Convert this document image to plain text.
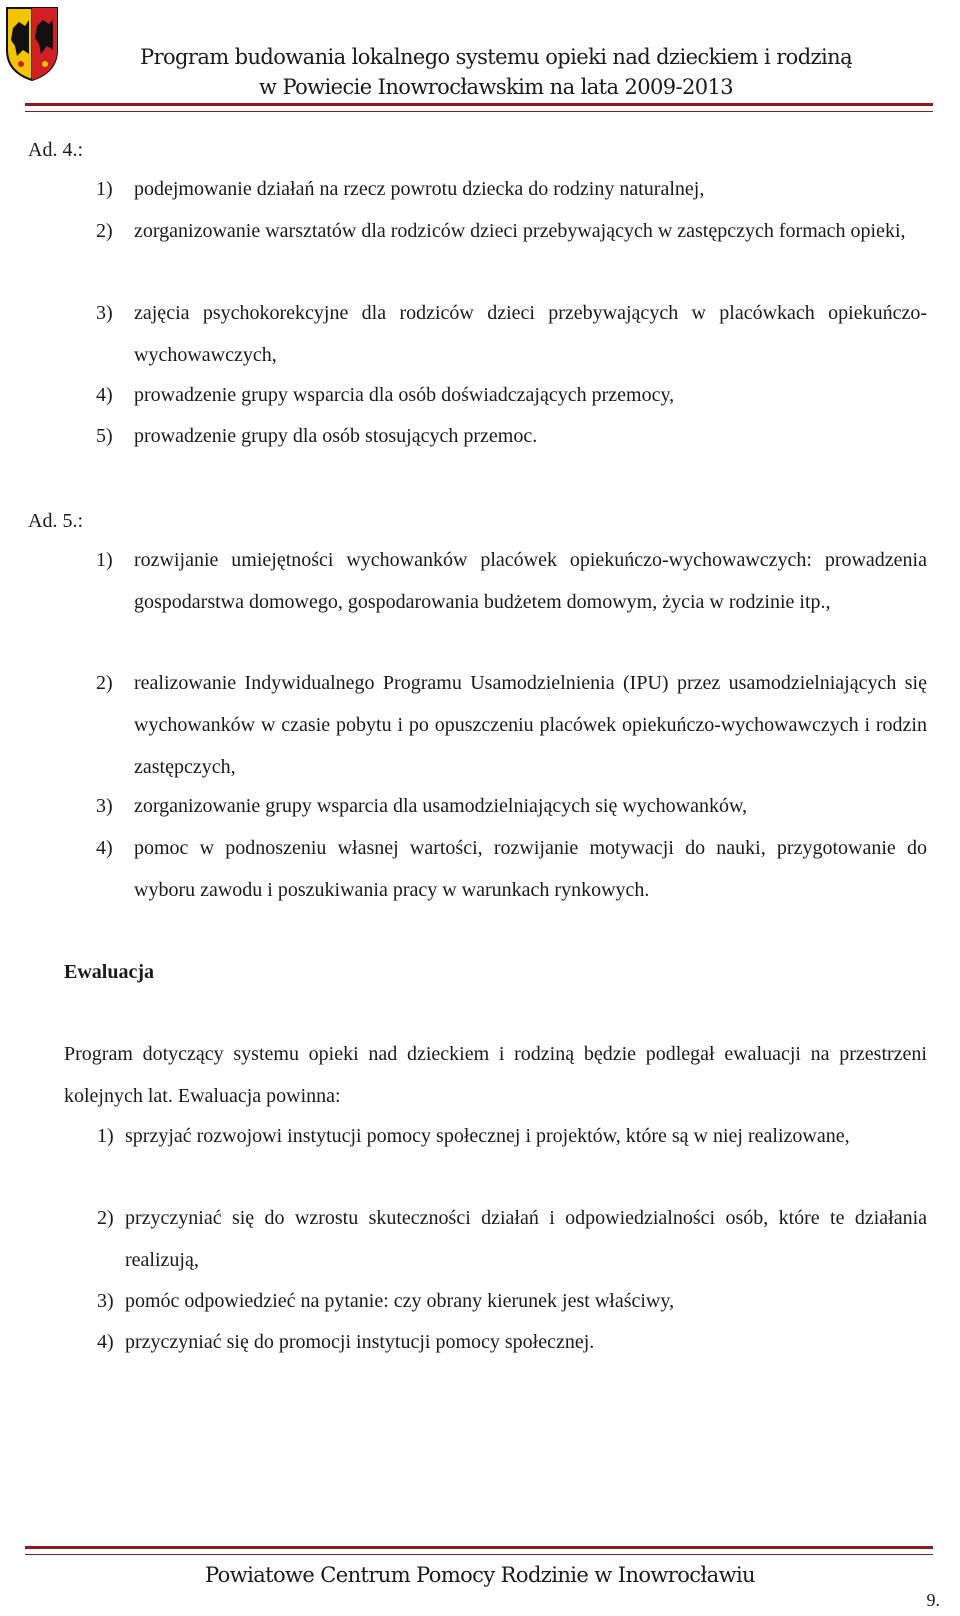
Program budowania lokalnego systemu opieki nad dzieckiem i rodziną
w Powiecie Inowrocławskim na lata 2009-2013
Ad. 4.:
1) podejmowanie działań na rzecz powrotu dziecka do rodziny naturalnej,
2) zorganizowanie warsztatów dla rodziców dzieci przebywających w zastępczych formach opieki,
3) zajęcia psychokorekcyjne dla rodziców dzieci przebywających w placówkach opiekuńczo-wychowawczych,
4) prowadzenie grupy wsparcia dla osób doświadczających przemocy,
5) prowadzenie grupy dla osób stosujących przemoc.
Ad. 5.:
1) rozwijanie umiejętności wychowanków placówek opiekuńczo-wychowawczych: prowadzenia gospodarstwa domowego, gospodarowania budżetem domowym, życia w rodzinie itp.,
2) realizowanie Indywidualnego Programu Usamodzielnienia (IPU) przez usamodzielniających się wychowanków w czasie pobytu i po opuszczeniu placówek opiekuńczo-wychowawczych i rodzin zastępczych,
3) zorganizowanie grupy wsparcia dla usamodzielniających się wychowanków,
4) pomoc w podnoszeniu własnej wartości, rozwijanie motywacji do nauki, przygotowanie do wyboru zawodu i poszukiwania pracy w warunkach rynkowych.
Ewaluacja
Program dotyczący systemu opieki nad dzieckiem i rodziną będzie podlegał ewaluacji na przestrzeni kolejnych lat. Ewaluacja powinna:
1) sprzyjać rozwojowi instytucji pomocy społecznej i projektów, które są w niej realizowane,
2) przyczyniać się do wzrostu skuteczności działań i odpowiedzialności osób, które te działania realizują,
3) pomóc odpowiedzieć na pytanie: czy obrany kierunek jest właściwy,
4) przyczyniać się do promocji instytucji pomocy społecznej.
Powiatowe Centrum Pomocy Rodzinie w Inowrocławiu
9.
